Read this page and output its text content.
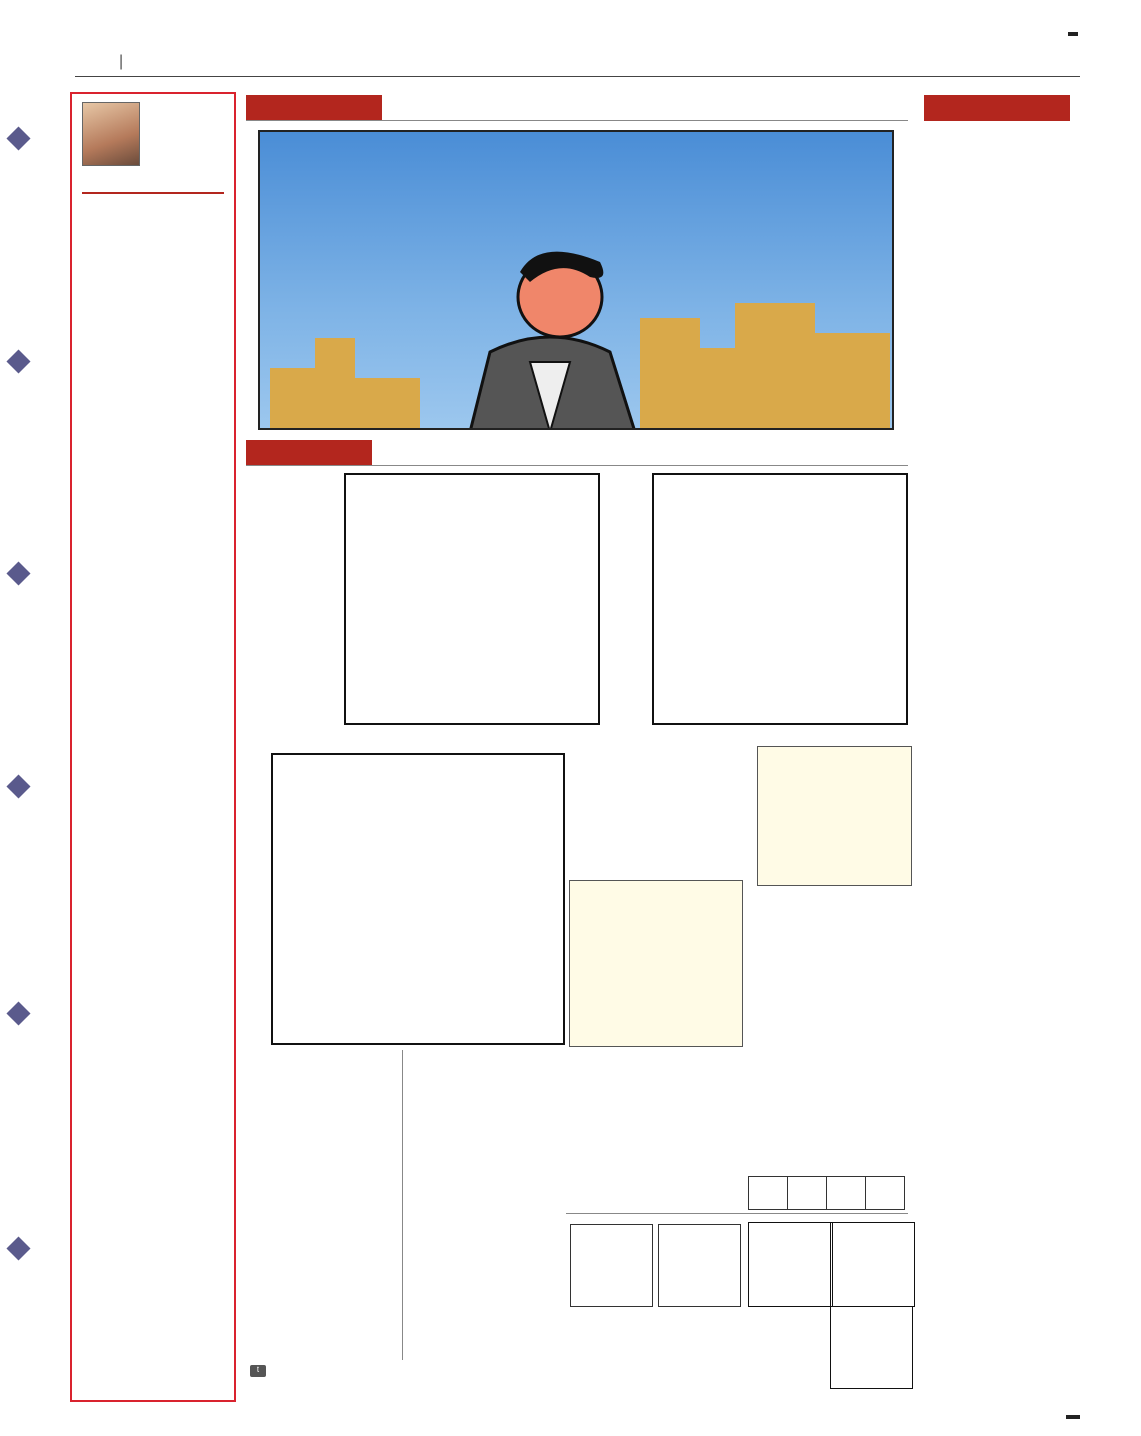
|

t
